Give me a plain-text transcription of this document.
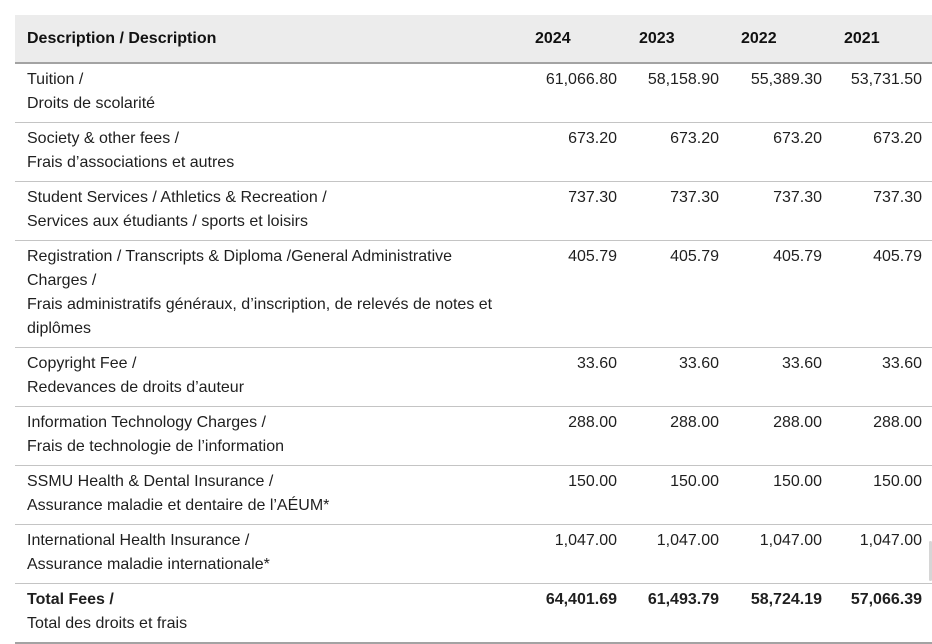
Description / Description	2024	2023	2022	2021

Tuition /
Droits de scolarité	61,066.80	58,158.90	55,389.30	53,731.50

Society & other fees /
Frais d’associations et autres	673.20	673.20	673.20	673.20

Student Services / Athletics & Recreation /
Services aux étudiants / sports et loisirs	737.30	737.30	737.30	737.30

Registration / Transcripts & Diploma /General Administrative Charges /
Frais administratifs généraux, d’inscription, de relevés de notes et diplômes	405.79	405.79	405.79	405.79

Copyright Fee /
Redevances de droits d’auteur	33.60	33.60	33.60	33.60

Information Technology Charges /
Frais de technologie de l’information	288.00	288.00	288.00	288.00

SSMU Health & Dental Insurance /
Assurance maladie et dentaire de l’AÉUM*	150.00	150.00	150.00	150.00

International Health Insurance /
Assurance maladie internationale*	1,047.00	1,047.00	1,047.00	1,047.00

Total Fees /
Total des droits et frais	64,401.69	61,493.79	58,724.19	57,066.39
